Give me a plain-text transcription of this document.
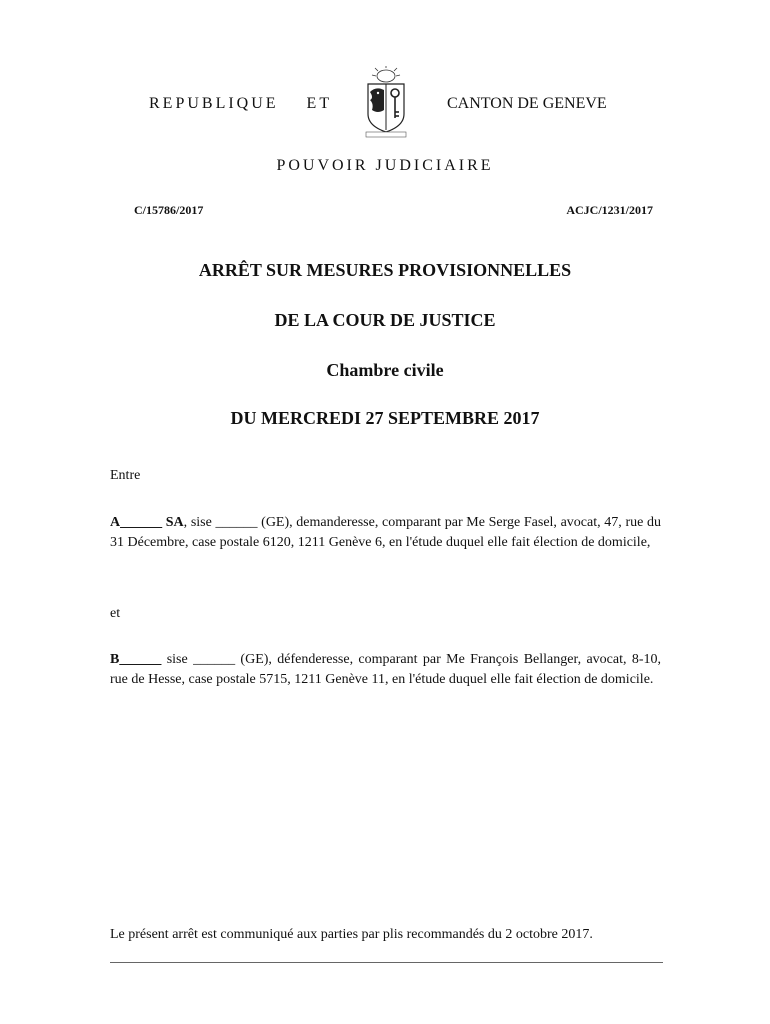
REPUBLIQUE    ET	CANTON DE GENEVE
POUVOIR JUDICIAIRE
C/15786/2017	ACJC/1231/2017
ARRÊT SUR MESURES PROVISIONNELLES
DE LA COUR DE JUSTICE
Chambre civile
DU MERCREDI 27 SEPTEMBRE 2017
Entre
A______ SA, sise ______ (GE), demanderesse, comparant par Me Serge Fasel, avocat, 47, rue du 31 Décembre, case postale 6120, 1211 Genève 6, en l'étude duquel elle fait élection de domicile,
et
B______ sise ______ (GE), défenderesse, comparant par Me François Bellanger, avocat, 8-10, rue de Hesse, case postale 5715, 1211 Genève 11, en l'étude duquel elle fait élection de domicile.
Le présent arrêt est communiqué aux parties par plis recommandés du 2 octobre 2017.
